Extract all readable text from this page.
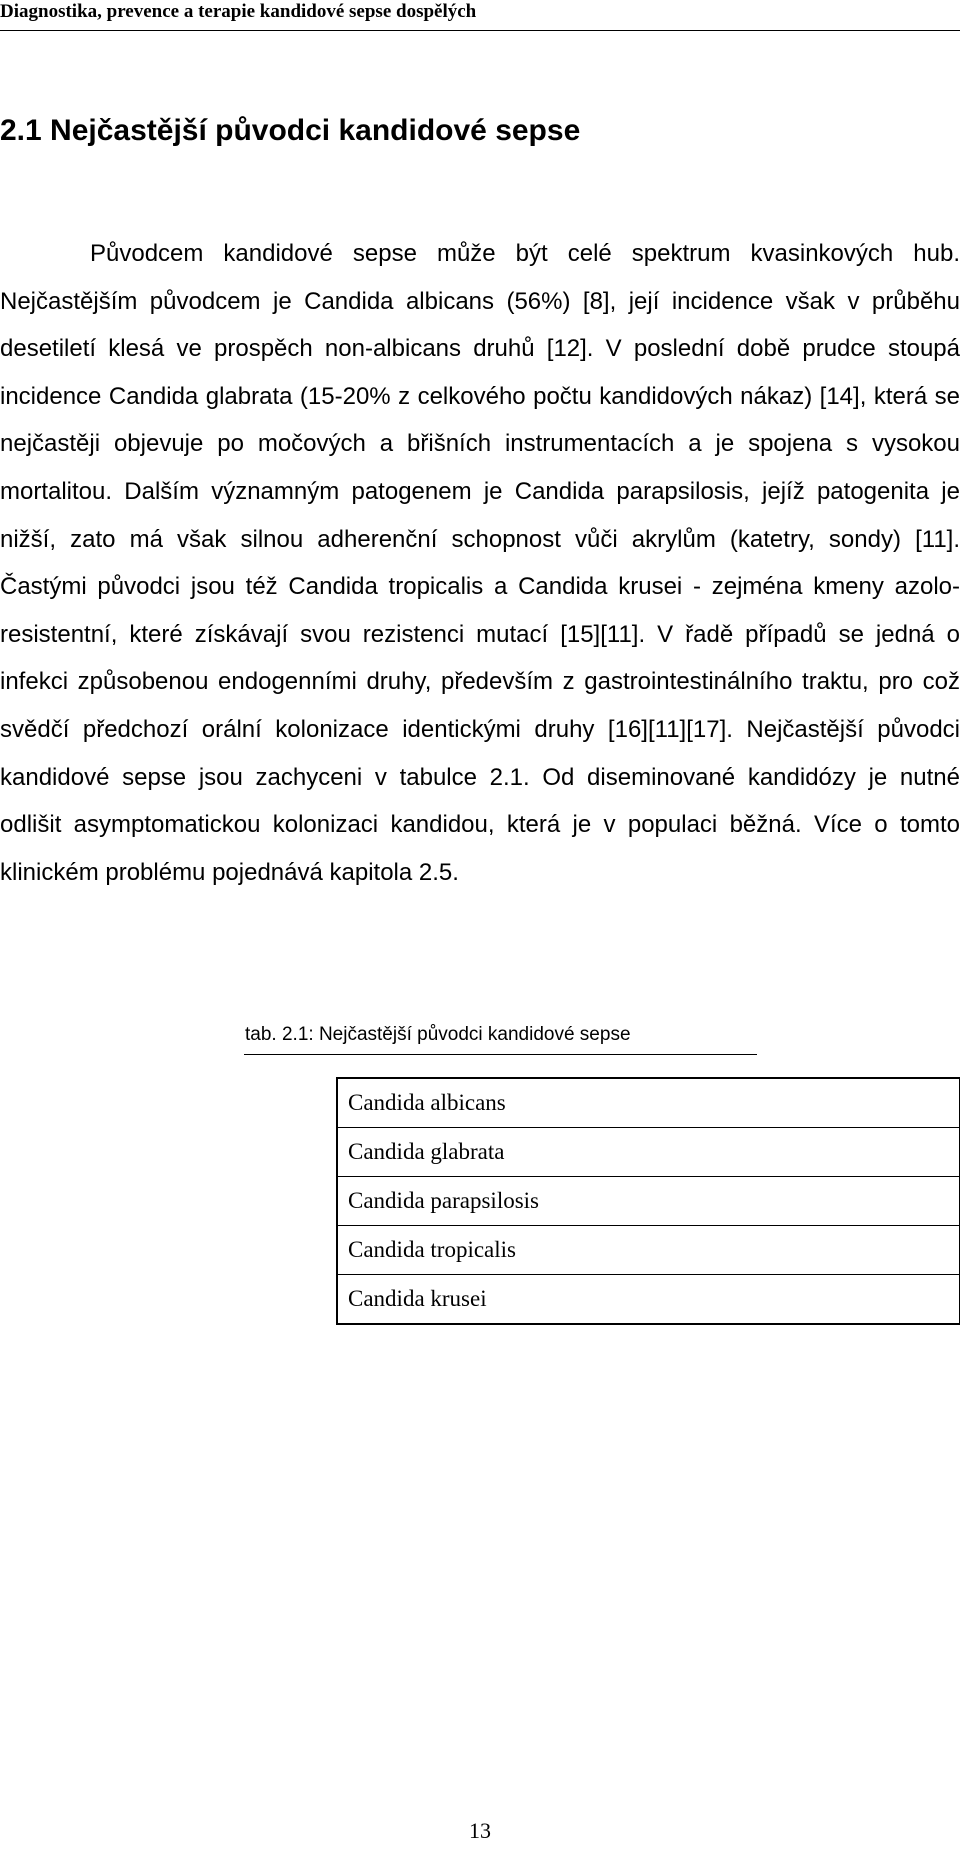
Diagnostika, prevence a terapie kandidové sepse dospělých
2.1 Nejčastější původci kandidové sepse

Původcem kandidové sepse může být celé spektrum kvasinkových hub. Nejčastějším původcem je Candida albicans (56%) [8], její incidence však v průběhu desetiletí klesá ve prospěch non-albicans druhů [12]. V poslední době prudce stoupá incidence Candida glabrata (15-20% z celkového počtu kandidových nákaz) [14], která se nejčastěji objevuje po močových a břišních instrumentacích a je spojena s vysokou mortalitou. Dalším významným patogenem je Candida parapsilosis, jejíž patogenita je nižší, zato má však silnou adherenční schopnost vůči akrylům (katetry, sondy) [11]. Častými původci jsou též Candida tropicalis a Candida krusei - zejména kmeny azolo-resistentní, které získávají svou rezistenci mutací [15][11]. V řadě případů se jedná o infekci způsobenou endogenními druhy, především z gastrointestinálního traktu, pro což svědčí předchozí orální kolonizace identickými druhy [16][11][17]. Nejčastější původci kandidové sepse jsou zachyceni v tabulce 2.1. Od diseminované kandidózy je nutné odlišit asymptomatickou kolonizaci kandidou, která je v populaci běžná. Více o tomto klinickém problému pojednává kapitola 2.5.

tab. 2.1: Nejčastější původci kandidové sepse
Candida albicans
Candida glabrata
Candida parapsilosis
Candida tropicalis
Candida krusei
13
